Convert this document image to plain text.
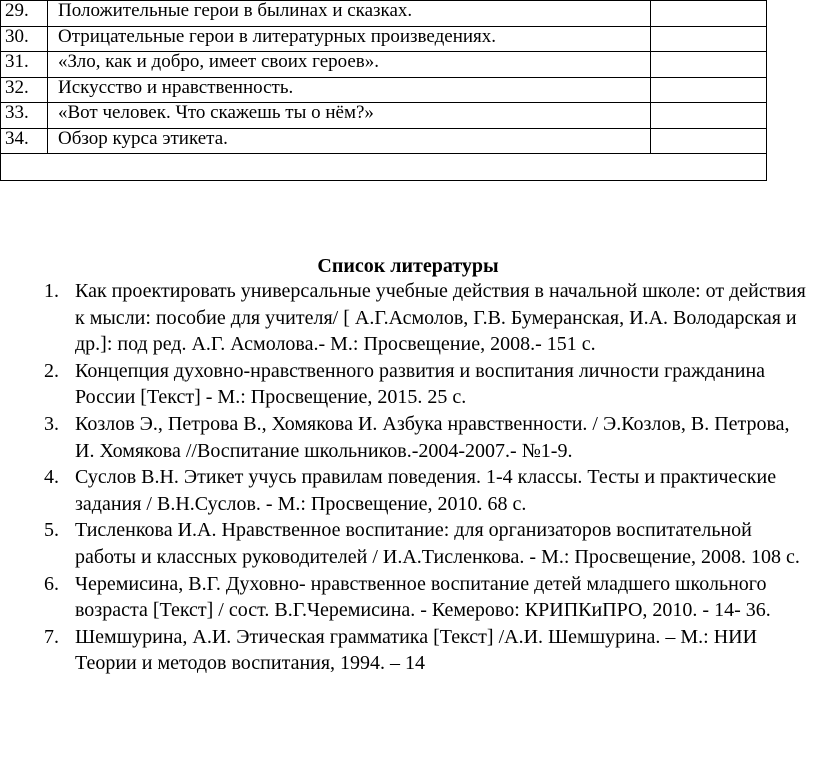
29.	Положительные герои в былинах и сказках.	
30.	Отрицательные герои в литературных произведениях.	
31.	«Зло, как и добро, имеет своих героев».	
32.	Искусство и нравственность.	
33.	«Вот человек. Что скажешь ты о нём?»	
34.	Обзор курса этикета.	

Список литературы
1. Как проектировать универсальные учебные действия в начальной школе: от действия к мысли: пособие для учителя/ [ А.Г.Асмолов, Г.В. Бумеранская, И.А. Володарская и др.]: под ред. А.Г. Асмолова.- М.: Просвещение, 2008.- 151 с.
2. Концепция духовно-нравственного развития и воспитания личности гражданина России [Текст] - М.: Просвещение, 2015. 25 с.
3. Козлов Э., Петрова В., Хомякова И. Азбука нравственности. / Э.Козлов, В. Петрова, И. Хомякова //Воспитание школьников.-2004-2007.- №1-9.
4. Суслов В.Н. Этикет учусь правилам поведения. 1-4 классы. Тесты и практические задания / В.Н.Суслов. - М.: Просвещение, 2010. 68 с.
5. Тисленкова И.А. Нравственное воспитание: для организаторов воспитательной работы и классных руководителей / И.А.Тисленкова. - М.: Просвещение, 2008. 108 с.
6. Черемисина, В.Г. Духовно- нравственное воспитание детей младшего школьного возраста [Текст] / сост. В.Г.Черемисина. - Кемерово: КРИПКиПРО, 2010. - 14- 36.
7. Шемшурина, А.И. Этическая грамматика [Текст] /А.И. Шемшурина. – М.: НИИ Теории и методов воспитания, 1994. – 14
